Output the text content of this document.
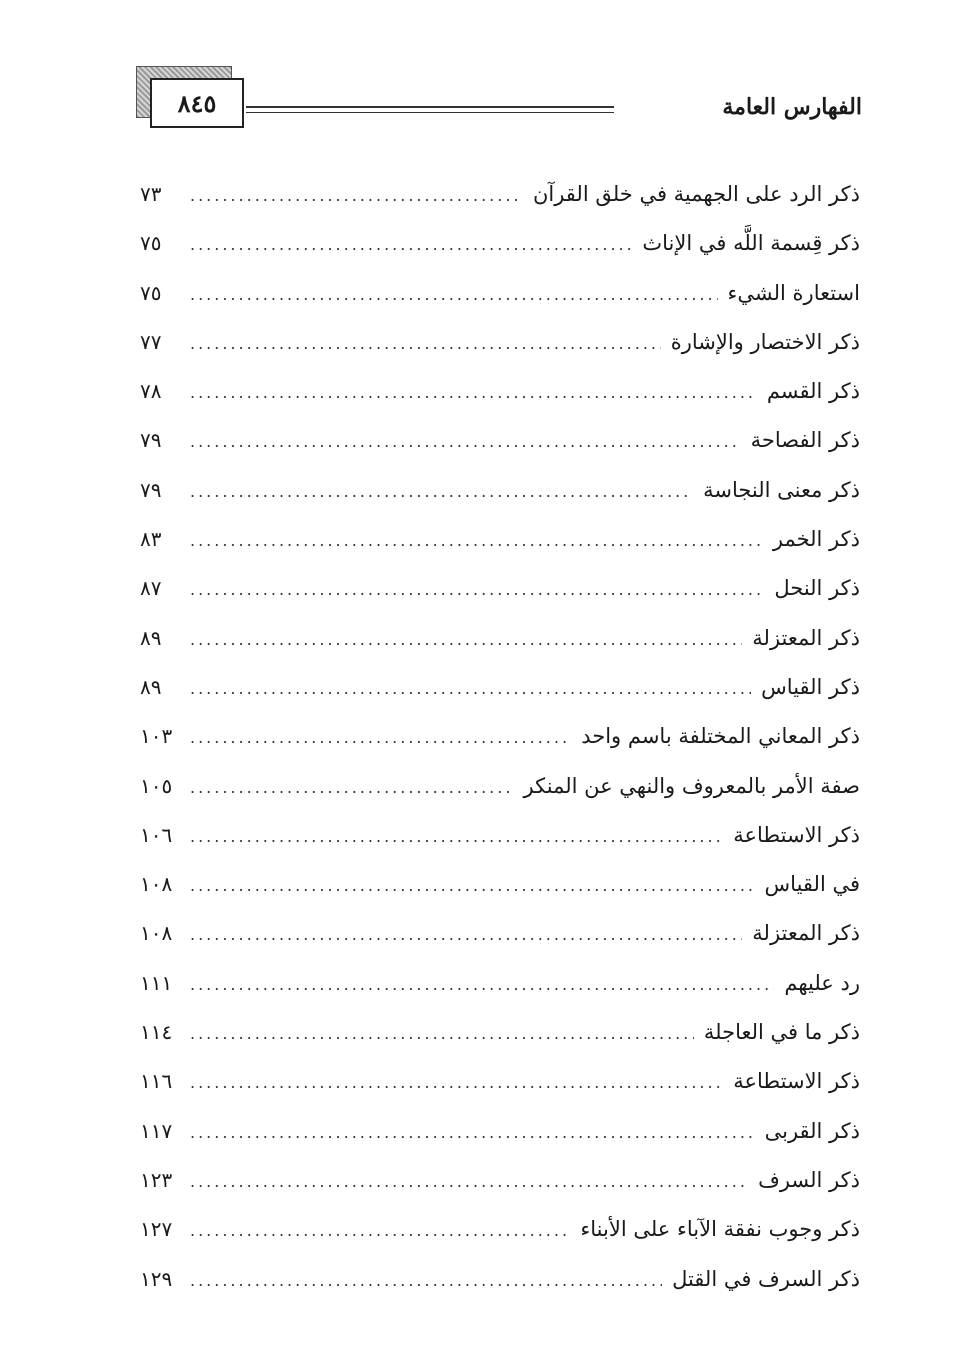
٨٤٥	الفهارس العامة
ذكر الرد على الجهمية في خلق القرآن
.....
٧٣
ذكر قِسمة اللَّه في الإناث
.....
٧٥
استعارة الشيء
.....
٧٥
ذكر الاختصار والإشارة
.....
٧٧
ذكر القسم
.....
٧٨
ذكر الفصاحة
.....
٧٩
ذكر معنى النجاسة
.....
٧٩
ذكر الخمر
.....
٨٣
ذكر النحل
.....
٨٧
ذكر المعتزلة
.....
٨٩
ذكر القياس
.....
٨٩
ذكر المعاني المختلفة باسم واحد
.....
١٠٣
صفة الأمر بالمعروف والنهي عن المنكر
.....
١٠٥
ذكر الاستطاعة
.....
١٠٦
في القياس
.....
١٠٨
ذكر المعتزلة
.....
١٠٨
رد عليهم
.....
١١١
ذكر ما في العاجلة
.....
١١٤
ذكر الاستطاعة
.....
١١٦
ذكر القربى
.....
١١٧
ذكر السرف
.....
١٢٣
ذكر وجوب نفقة الآباء على الأبناء
.....
١٢٧
ذكر السرف في القتل
.....
١٢٩
